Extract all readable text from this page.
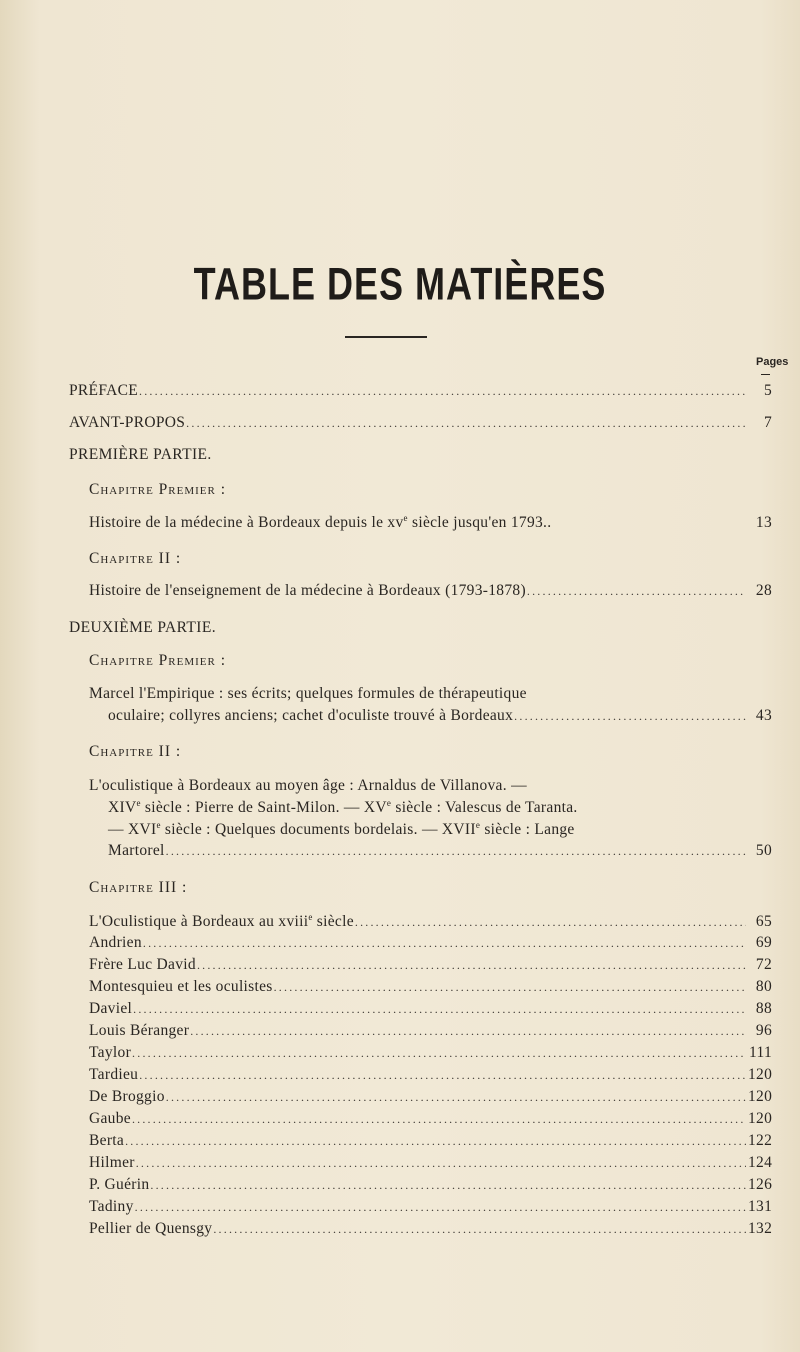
TABLE DES MATIÈRES
Pages
PRÉFACE .....	5
AVANT-PROPOS .....	7
PREMIÈRE PARTIE.
Chapitre Premier :
Histoire de la médecine à Bordeaux depuis le $xv^e$ siècle jusqu'en 1793..	13
Chapitre II :
Histoire de l'enseignement de la médecine à Bordeaux (1793-1878) .....	28
DEUXIÈME PARTIE.
Chapitre Premier :
Marcel l'Empirique : ses écrits; quelques formules de thérapeutique
oculaire; collyres anciens; cachet d'oculiste trouvé à Bordeaux .....	43
Chapitre II :
L'oculistique à Bordeaux au moyen âge : Arnaldus de Villanova. —
XIVe siècle : Pierre de Saint-Milon. — XVe siècle : Valescus de Taranta.
— XVIe siècle : Quelques documents bordelais. — XVIIe siècle : Lange
Martorel .....	50
Chapitre III :
L'Oculistique à Bordeaux au xviii$^e$ siècle .....	65
Andrien .....	69
Frère Luc David .....	72
Montesquieu et les oculistes .....	80
Daviel .....	88
Louis Béranger .....	96
Taylor .....	111
Tardieu .....	120
De Broggio .....	120
Gaube .....	120
Berta .....	122
Hilmer .....	124
P. Guérin .....	126
Tadiny .....	131
Pellier de Quensgy .....	132
